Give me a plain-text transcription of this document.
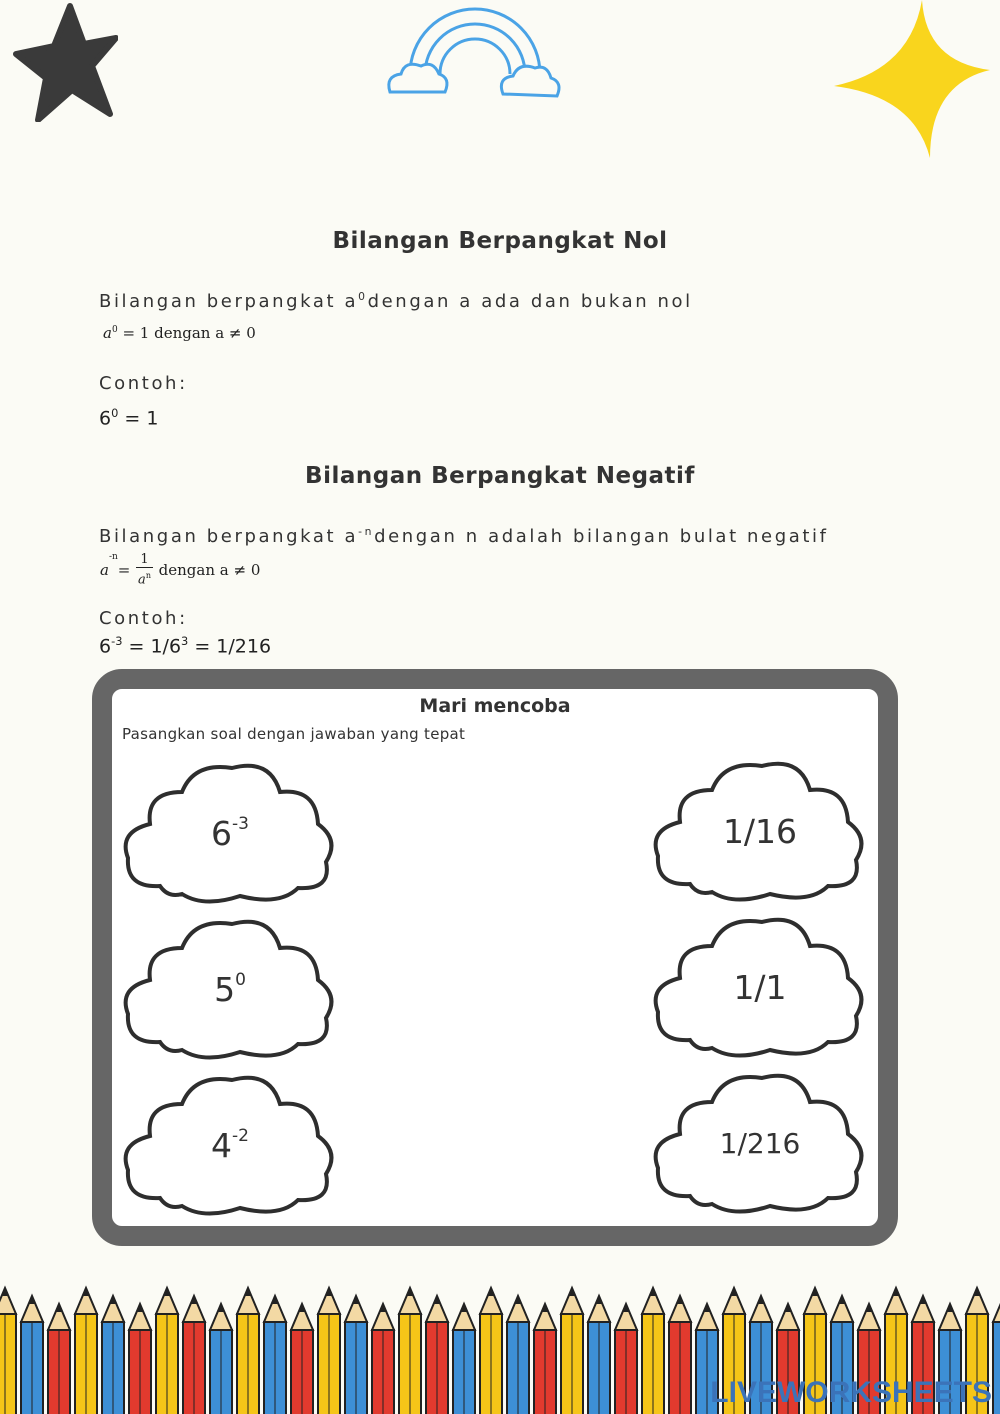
Bilangan Berpangkat Nol
Bilangan berpangkat $a^0dengan$ a ada dan bukan nol
$a^0 = 1$ dengan a ≠ 0
Contoh:
$6^0 = 1$
Bilangan Berpangkat Negatif
Bilangan berpangkat $a^{-n}dengan$ n adalah bilangan bulat negatif
a
$^{-n}$
= $\frac{1}{a^n}$ dengan a ≠ 0
Contoh:
$6^{-3} = 1/6^3 = 1/216$
Mari mencoba
Pasangkan soal dengan jawaban yang tepat
$6^{-3}$
$5^0$
$4^{-2}$
1/16
1/1
1/216
LIVEWORKSHEETS
